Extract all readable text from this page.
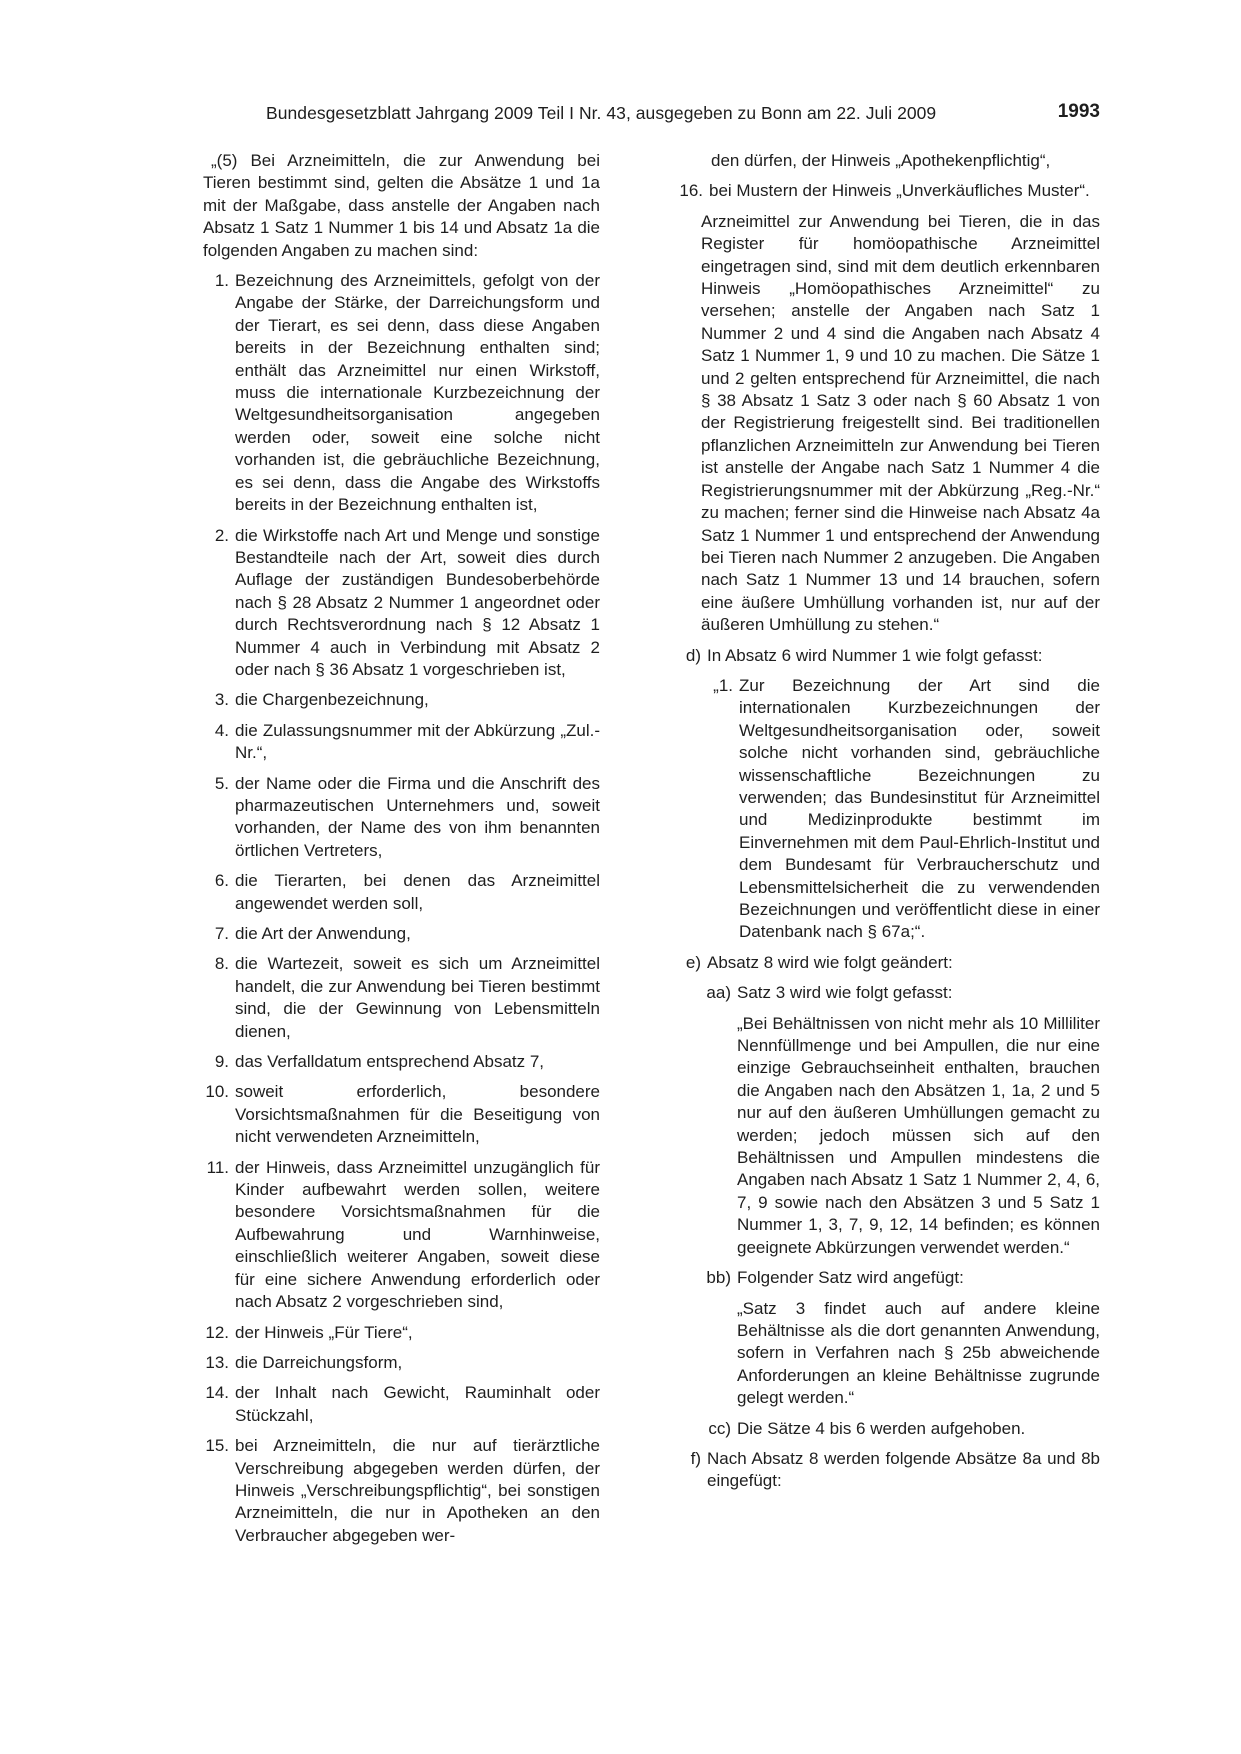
Bundesgesetzblatt Jahrgang 2009 Teil I Nr. 43, ausgegeben zu Bonn am 22. Juli 2009	1993

„(5) Bei Arzneimitteln, die zur Anwendung bei Tieren bestimmt sind, gelten die Absätze 1 und 1a mit der Maßgabe, dass anstelle der Angaben nach Absatz 1 Satz 1 Nummer 1 bis 14 und Absatz 1a die folgenden Angaben zu machen sind:

1. Bezeichnung des Arzneimittels, gefolgt von der Angabe der Stärke, der Darreichungsform und der Tierart, es sei denn, dass diese Angaben bereits in der Bezeichnung enthalten sind; enthält das Arzneimittel nur einen Wirkstoff, muss die internationale Kurzbezeichnung der Weltgesundheitsorganisation angegeben werden oder, soweit eine solche nicht vorhanden ist, die gebräuchliche Bezeichnung, es sei denn, dass die Angabe des Wirkstoffs bereits in der Bezeichnung enthalten ist,
2. die Wirkstoffe nach Art und Menge und sonstige Bestandteile nach der Art, soweit dies durch Auflage der zuständigen Bundesoberbehörde nach § 28 Absatz 2 Nummer 1 angeordnet oder durch Rechtsverordnung nach § 12 Absatz 1 Nummer 4 auch in Verbindung mit Absatz 2 oder nach § 36 Absatz 1 vorgeschrieben ist,
3. die Chargenbezeichnung,
4. die Zulassungsnummer mit der Abkürzung „Zul.-Nr.“,
5. der Name oder die Firma und die Anschrift des pharmazeutischen Unternehmers und, soweit vorhanden, der Name des von ihm benannten örtlichen Vertreters,
6. die Tierarten, bei denen das Arzneimittel angewendet werden soll,
7. die Art der Anwendung,
8. die Wartezeit, soweit es sich um Arzneimittel handelt, die zur Anwendung bei Tieren bestimmt sind, die der Gewinnung von Lebensmitteln dienen,
9. das Verfalldatum entsprechend Absatz 7,
10. soweit erforderlich, besondere Vorsichtsmaßnahmen für die Beseitigung von nicht verwendeten Arzneimitteln,
11. der Hinweis, dass Arzneimittel unzugänglich für Kinder aufbewahrt werden sollen, weitere besondere Vorsichtsmaßnahmen für die Aufbewahrung und Warnhinweise, einschließlich weiterer Angaben, soweit diese für eine sichere Anwendung erforderlich oder nach Absatz 2 vorgeschrieben sind,
12. der Hinweis „Für Tiere“,
13. die Darreichungsform,
14. der Inhalt nach Gewicht, Rauminhalt oder Stückzahl,
15. bei Arzneimitteln, die nur auf tierärztliche Verschreibung abgegeben werden dürfen, der Hinweis „Verschreibungspflichtig“, bei sonstigen Arzneimitteln, die nur in Apotheken an den Verbraucher abgegeben wer-

den dürfen, der Hinweis „Apothekenpflichtig“,

16. bei Mustern der Hinweis „Unverkäufliches Muster“.

Arzneimittel zur Anwendung bei Tieren, die in das Register für homöopathische Arzneimittel eingetragen sind, sind mit dem deutlich erkennbaren Hinweis „Homöopathisches Arzneimittel“ zu versehen; anstelle der Angaben nach Satz 1 Nummer 2 und 4 sind die Angaben nach Absatz 4 Satz 1 Nummer 1, 9 und 10 zu machen. Die Sätze 1 und 2 gelten entsprechend für Arzneimittel, die nach § 38 Absatz 1 Satz 3 oder nach § 60 Absatz 1 von der Registrierung freigestellt sind. Bei traditionellen pflanzlichen Arzneimitteln zur Anwendung bei Tieren ist anstelle der Angabe nach Satz 1 Nummer 4 die Registrierungsnummer mit der Abkürzung „Reg.-Nr.“ zu machen; ferner sind die Hinweise nach Absatz 4a Satz 1 Nummer 1 und entsprechend der Anwendung bei Tieren nach Nummer 2 anzugeben. Die Angaben nach Satz 1 Nummer 13 und 14 brauchen, sofern eine äußere Umhüllung vorhanden ist, nur auf der äußeren Umhüllung zu stehen.“

d) In Absatz 6 wird Nummer 1 wie folgt gefasst:
„1. Zur Bezeichnung der Art sind die internationalen Kurzbezeichnungen der Weltgesundheitsorganisation oder, soweit solche nicht vorhanden sind, gebräuchliche wissenschaftliche Bezeichnungen zu verwenden; das Bundesinstitut für Arzneimittel und Medizinprodukte bestimmt im Einvernehmen mit dem Paul-Ehrlich-Institut und dem Bundesamt für Verbraucherschutz und Lebensmittelsicherheit die zu verwendenden Bezeichnungen und veröffentlicht diese in einer Datenbank nach § 67a;“.
e) Absatz 8 wird wie folgt geändert:
aa) Satz 3 wird wie folgt gefasst:

„Bei Behältnissen von nicht mehr als 10 Milliliter Nennfüllmenge und bei Ampullen, die nur eine einzige Gebrauchseinheit enthalten, brauchen die Angaben nach den Absätzen 1, 1a, 2 und 5 nur auf den äußeren Umhüllungen gemacht zu werden; jedoch müssen sich auf den Behältnissen und Ampullen mindestens die Angaben nach Absatz 1 Satz 1 Nummer 2, 4, 6, 7, 9 sowie nach den Absätzen 3 und 5 Satz 1 Nummer 1, 3, 7, 9, 12, 14 befinden; es können geeignete Abkürzungen verwendet werden.“

bb) Folgender Satz wird angefügt:

„Satz 3 findet auch auf andere kleine Behältnisse als die dort genannten Anwendung, sofern in Verfahren nach § 25b abweichende Anforderungen an kleine Behältnisse zugrunde gelegt werden.“

cc) Die Sätze 4 bis 6 werden aufgehoben.
f) Nach Absatz 8 werden folgende Absätze 8a und 8b eingefügt:
